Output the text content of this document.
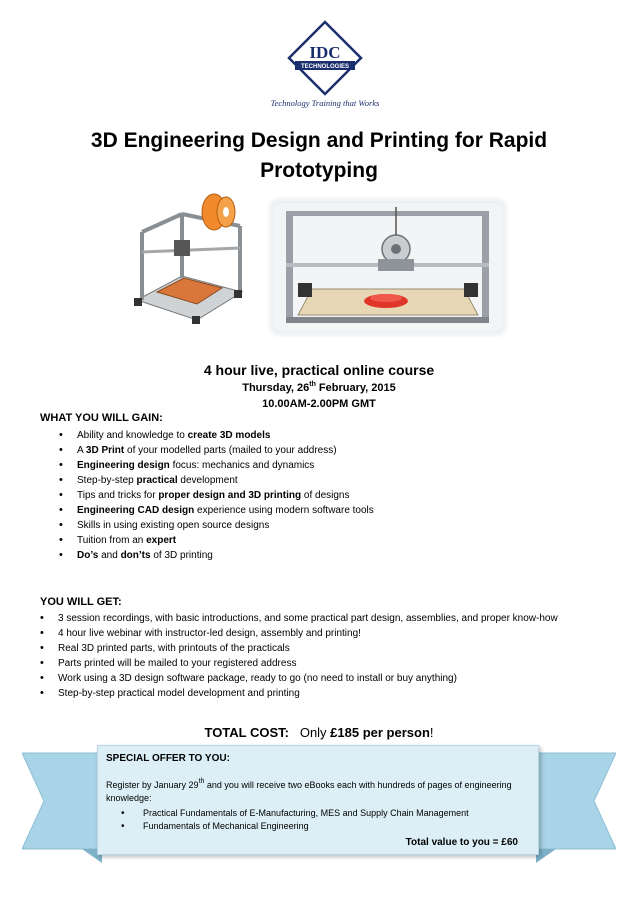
IDC
TECHNOLOGIES
Technology Training that Works
3D Engineering Design and Printing for Rapid
Prototyping
4 hour live, practical online course
Thursday, 26th February, 2015
10.00AM-2.00PM GMT
WHAT YOU WILL GAIN:
• Ability and knowledge to create 3D models
• A 3D Print of your modelled parts (mailed to your address)
• Engineering design focus: mechanics and dynamics
• Step-by-step practical development
• Tips and tricks for proper design and 3D printing of designs
• Engineering CAD design experience using modern software tools
• Skills in using existing open source designs
• Tuition from an expert
• Do’s and don’ts of 3D printing
YOU WILL GET:
• 3 session recordings, with basic introductions, and some practical part design, assemblies, and proper know-how
• 4 hour live webinar with instructor-led design, assembly and printing!
• Real 3D printed parts, with printouts of the practicals
• Parts printed will be mailed to your registered address
• Work using a 3D design software package, ready to go (no need to install or buy anything)
• Step-by-step practical model development and printing
TOTAL COST: Only £185 per person!
SPECIAL OFFER TO YOU:
Register by January 29th and you will receive two eBooks each with hundreds of pages of engineering knowledge:
• Practical Fundamentals of E-Manufacturing, MES and Supply Chain Management
• Fundamentals of Mechanical Engineering
Total value to you = £60
